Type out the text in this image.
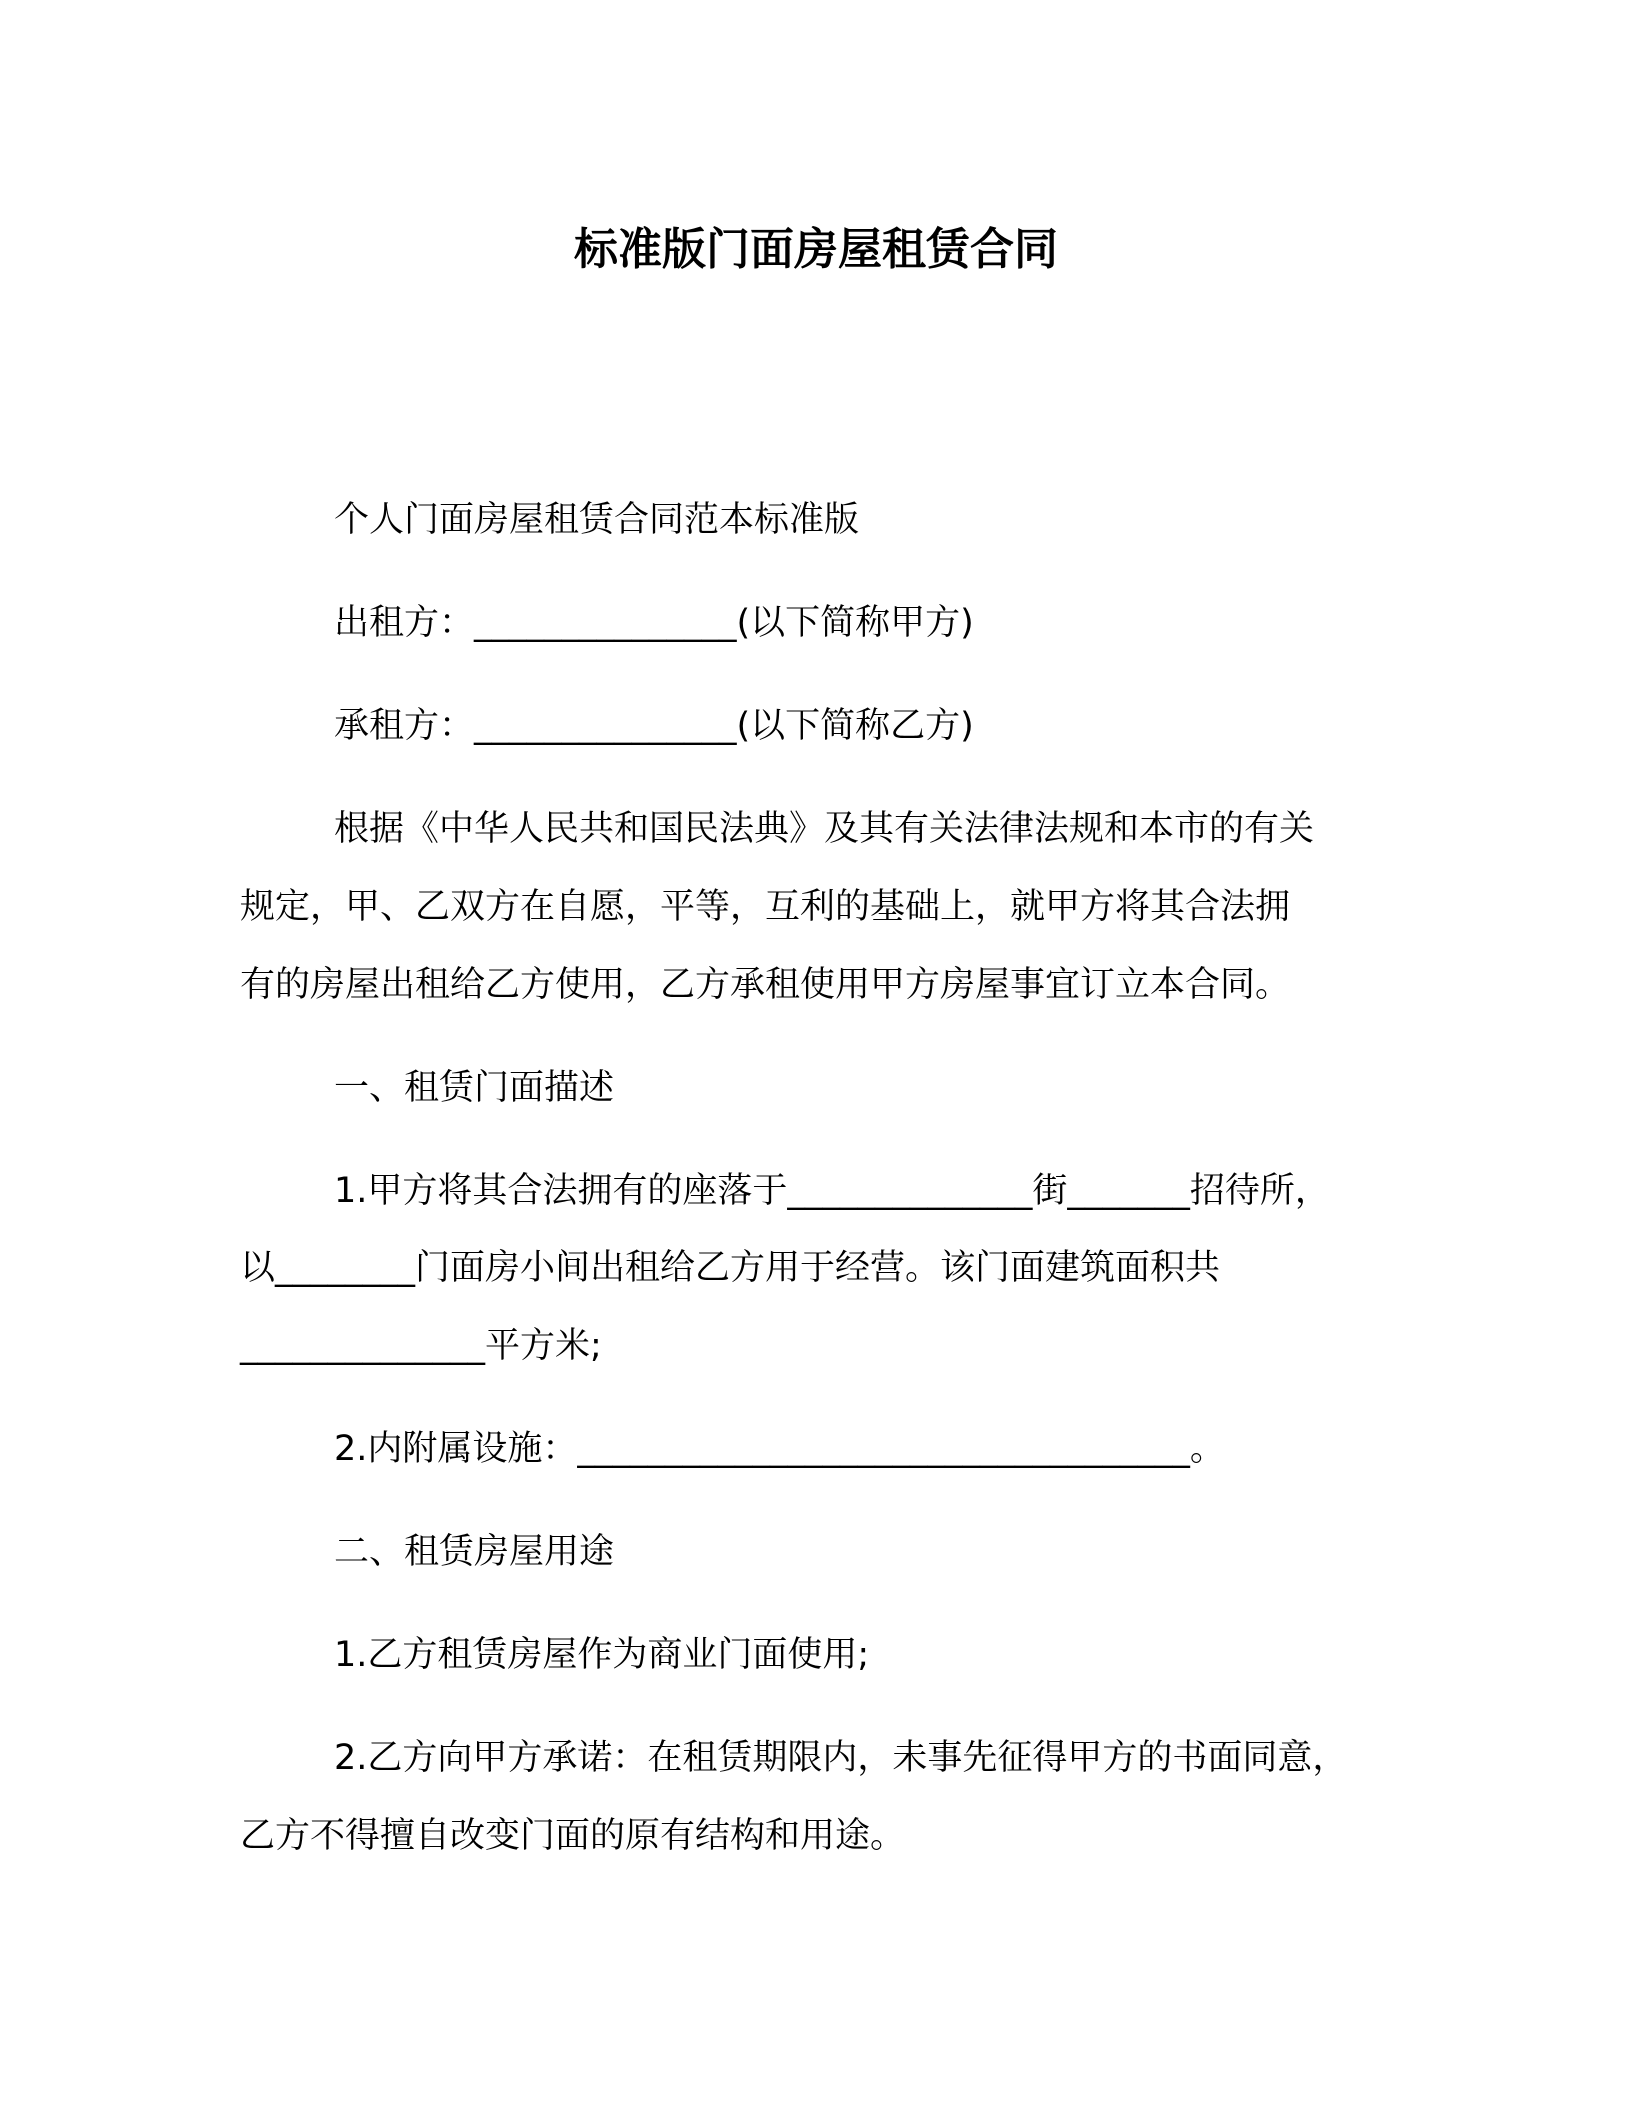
标准版门面房屋租赁合同
个人门面房屋租赁合同范本标准版
出租方：_______________(以下简称甲方)
承租方：_______________(以下简称乙方)
根据《中华人民共和国民法典》及其有关法律法规和本市的有关
规定，甲、乙双方在自愿，平等，互利的基础上，就甲方将其合法拥
有的房屋出租给乙方使用，乙方承租使用甲方房屋事宜订立本合同。
一、租赁门面描述
1.甲方将其合法拥有的座落于______________街_______招待所，
以________门面房小间出租给乙方用于经营。该门面建筑面积共
______________平方米;
2.内附属设施：___________________________________。
二、租赁房屋用途
1.乙方租赁房屋作为商业门面使用;
2.乙方向甲方承诺：在租赁期限内，未事先征得甲方的书面同意，
乙方不得擅自改变门面的原有结构和用途。
